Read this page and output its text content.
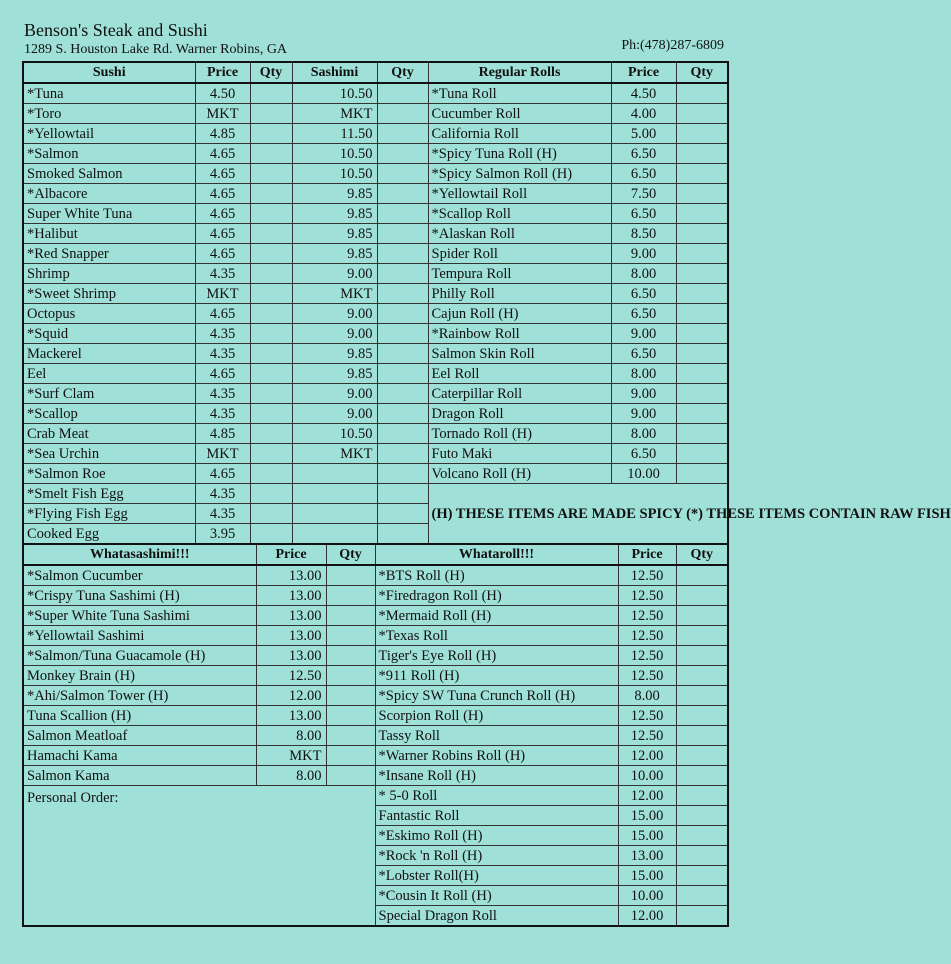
Benson's Steak and Sushi
1289 S. Houston Lake Rd. Warner Robins, GA	Ph:(478)287-6809
Sushi	Price	Qty	Sashimi	Qty	Regular Rolls	Price	Qty
*Tuna	4.50		10.50		*Tuna Roll	4.50	
*Toro	MKT		MKT		Cucumber Roll	4.00	
*Yellowtail	4.85		11.50		California Roll	5.00	
*Salmon	4.65		10.50		*Spicy Tuna Roll (H)	6.50	
Smoked Salmon	4.65		10.50		*Spicy Salmon Roll (H)	6.50	
*Albacore	4.65		9.85		*Yellowtail Roll	7.50	
Super White Tuna	4.65		9.85		*Scallop Roll	6.50	
*Halibut	4.65		9.85		*Alaskan Roll	8.50	
*Red Snapper	4.65		9.85		Spider Roll	9.00	
Shrimp	4.35		9.00		Tempura Roll	8.00	
*Sweet Shrimp	MKT		MKT		Philly Roll	6.50	
Octopus	4.65		9.00		Cajun Roll (H)	6.50	
*Squid	4.35		9.00		*Rainbow Roll	9.00	
Mackerel	4.35		9.85		Salmon Skin Roll	6.50	
Eel	4.65		9.85		Eel Roll	8.00	
*Surf Clam	4.35		9.00		Caterpillar Roll	9.00	
*Scallop	4.35		9.00		Dragon Roll	9.00	
Crab Meat	4.85		10.50		Tornado Roll (H)	8.00	
*Sea Urchin	MKT		MKT		Futo Maki	6.50	
*Salmon Roe	4.65				Volcano Roll (H)	10.00	
*Smelt Fish Egg	4.35				(H) THESE ITEMS ARE MADE SPICY (*) THESE ITEMS CONTAIN RAW FISH		
*Flying Fish Egg	4.35						
Cooked Egg	3.95						
Whatasashimi!!!	Price	Qty	Whataroll!!!	Price	Qty
*Salmon Cucumber	13.00		*BTS Roll (H)	12.50	
*Crispy Tuna Sashimi (H)	13.00		*Firedragon Roll (H)	12.50	
*Super White Tuna Sashimi	13.00		*Mermaid Roll (H)	12.50	
*Yellowtail Sashimi	13.00		*Texas Roll	12.50	
*Salmon/Tuna Guacamole (H)	13.00		Tiger's Eye Roll (H)	12.50	
Monkey Brain (H)	12.50		*911 Roll (H)	12.50	
*Ahi/Salmon Tower (H)	12.00		*Spicy SW Tuna Crunch Roll (H)	8.00	
Tuna Scallion (H)	13.00		Scorpion Roll (H)	12.50	
Salmon Meatloaf	8.00		Tassy Roll	12.50	
Hamachi Kama	MKT		*Warner Robins Roll (H)	12.00	
Salmon Kama	8.00		*Insane Roll (H)	10.00	
Personal Order:			* 5-0 Roll	12.00	
			Fantastic Roll	15.00	
			*Eskimo Roll (H)	15.00	
			*Rock 'n Roll (H)	13.00	
			*Lobster Roll(H)	15.00	
			*Cousin It Roll (H)	10.00	
			Special Dragon Roll	12.00	
